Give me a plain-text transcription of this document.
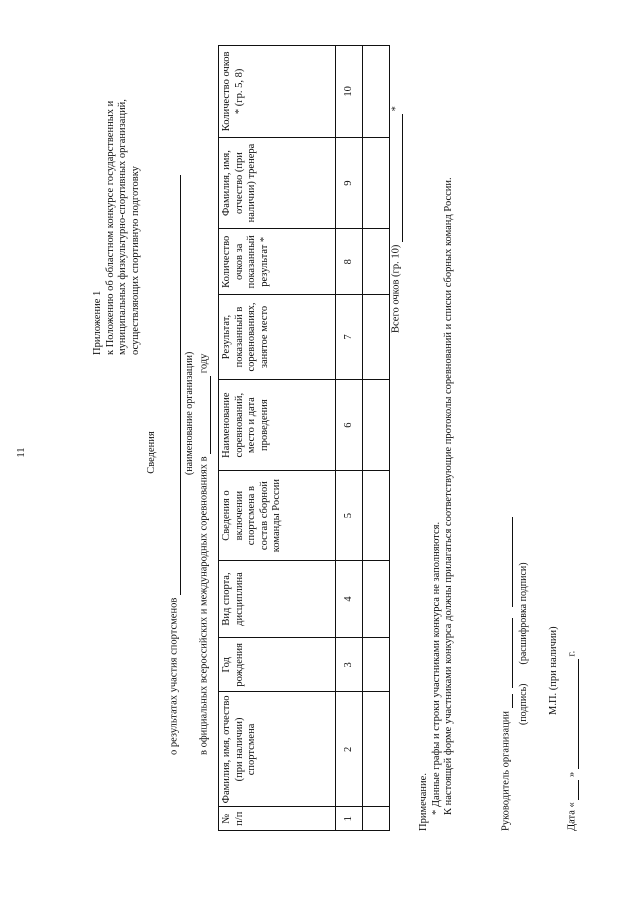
11
Приложение 1 к Положению об областном конкурсе государственных и муниципальных физкультурно-спортивных организаций, осуществляющих спортивную подготовку
Сведения
о результатах участия спортсменов
(наименование организации)
в официальных всероссийских и международных соревнованиях в  году
№ п/п	Фамилия, имя, отчество (при наличии) спортсмена	Год рождения	Вид спорта, дисциплина	Сведения о включении спортсмена в состав сборной команды России	Наименование соревнований, место и дата проведения	Результат, показанный в соревнованиях, занятое место	Количество очков за показанный результат *	Фамилия, имя, отчество (при наличии) тренера	Количество очков * (гр. 5, 8)
1	2	3	4	5	6	7	8	9	10

Всего очков (гр. 10)  *

Примечание. * Данные графы и строки участниками конкурса не заполняются. К настоящей форме участниками конкурса должны прилагаться соответствующие протоколы соревнований и списки сборных команд России.	Руководитель организации
(подпись)  (расшифровка подписи)
М.П. (при наличии)
Дата «  »  г.
